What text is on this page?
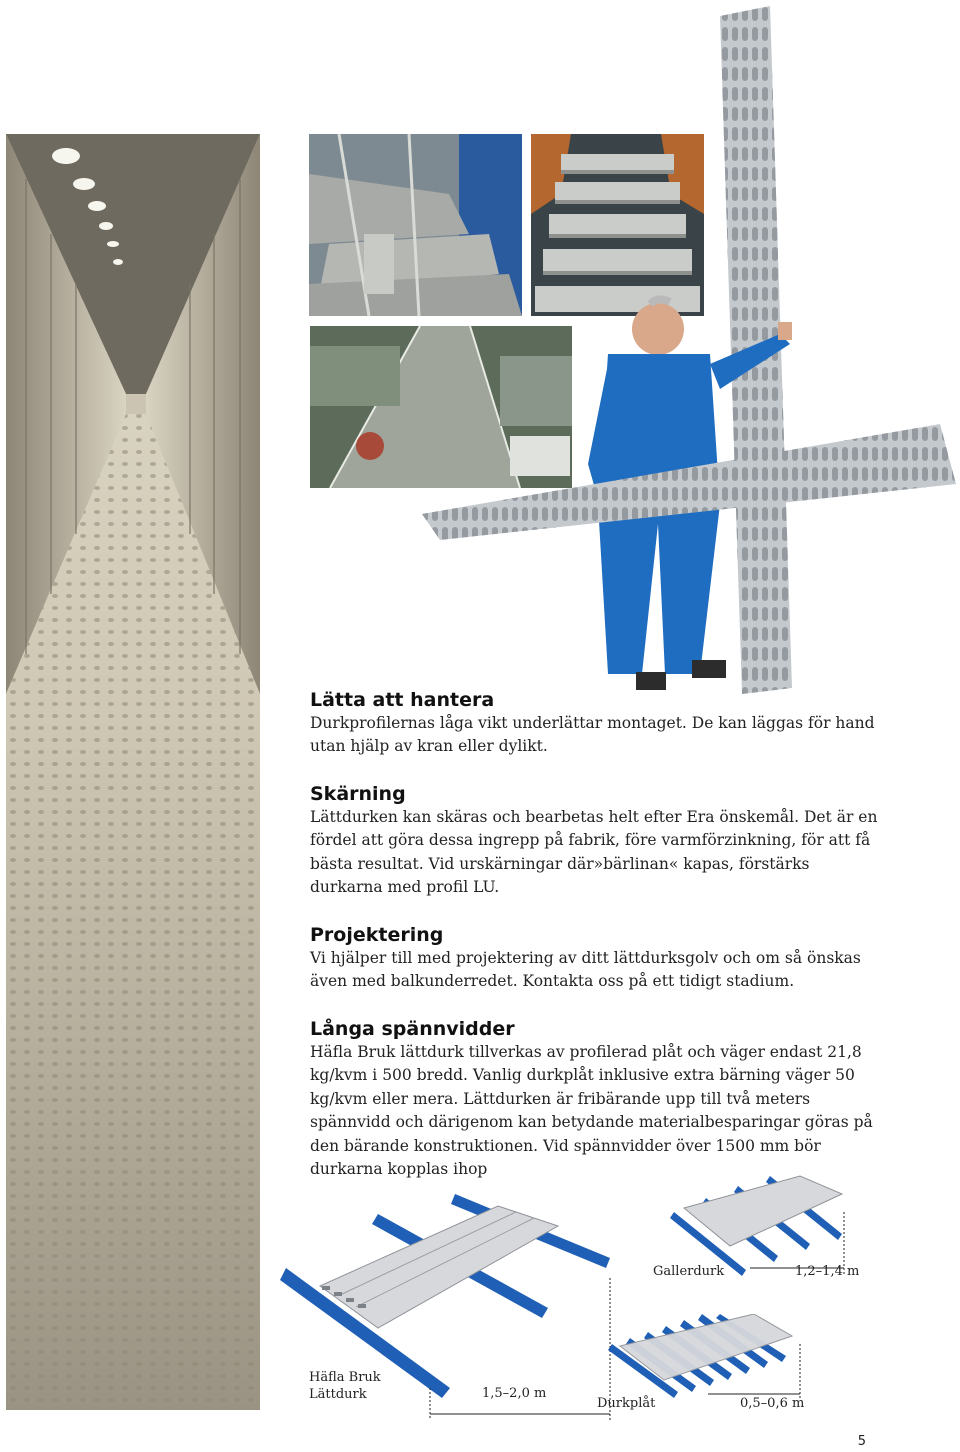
Lätta att hantera

Durkprofilernas låga vikt underlättar montaget. De kan läggas för hand utan hjälp av kran eller dylikt.

Skärning

Lättdurken kan skäras och bearbetas helt efter Era önskemål. Det är en fördel att göra dessa ingrepp på fabrik, före varmförzinkning, för att få bästa resultat. Vid urskärningar där»bärlinan« kapas, förstärks durkarna med profil LU.

Projektering

Vi hjälper till med projektering av ditt lättdurksgolv och om så önskas även med balkunderredet. Kontakta oss på ett tidigt stadium.

Långa spännvidder

Häfla Bruk lättdurk tillverkas av profilerad plåt och väger endast 21,8 kg/kvm i 500 bredd. Vanlig durkplåt inklusive extra bärning väger 50 kg/kvm eller mera. Lättdurken är fribärande upp till två meters spännvidd och därigenom kan betydande materialbesparingar göras på den bärande konstruktionen. Vid spännvidder över 1500 mm bör durkarna kopplas ihop

Häfla Bruk
Lättdurk	1,5–2,0 m
Gallerdurk	1,2–1,4 m
Durkplåt	0,5–0,6 m
5
